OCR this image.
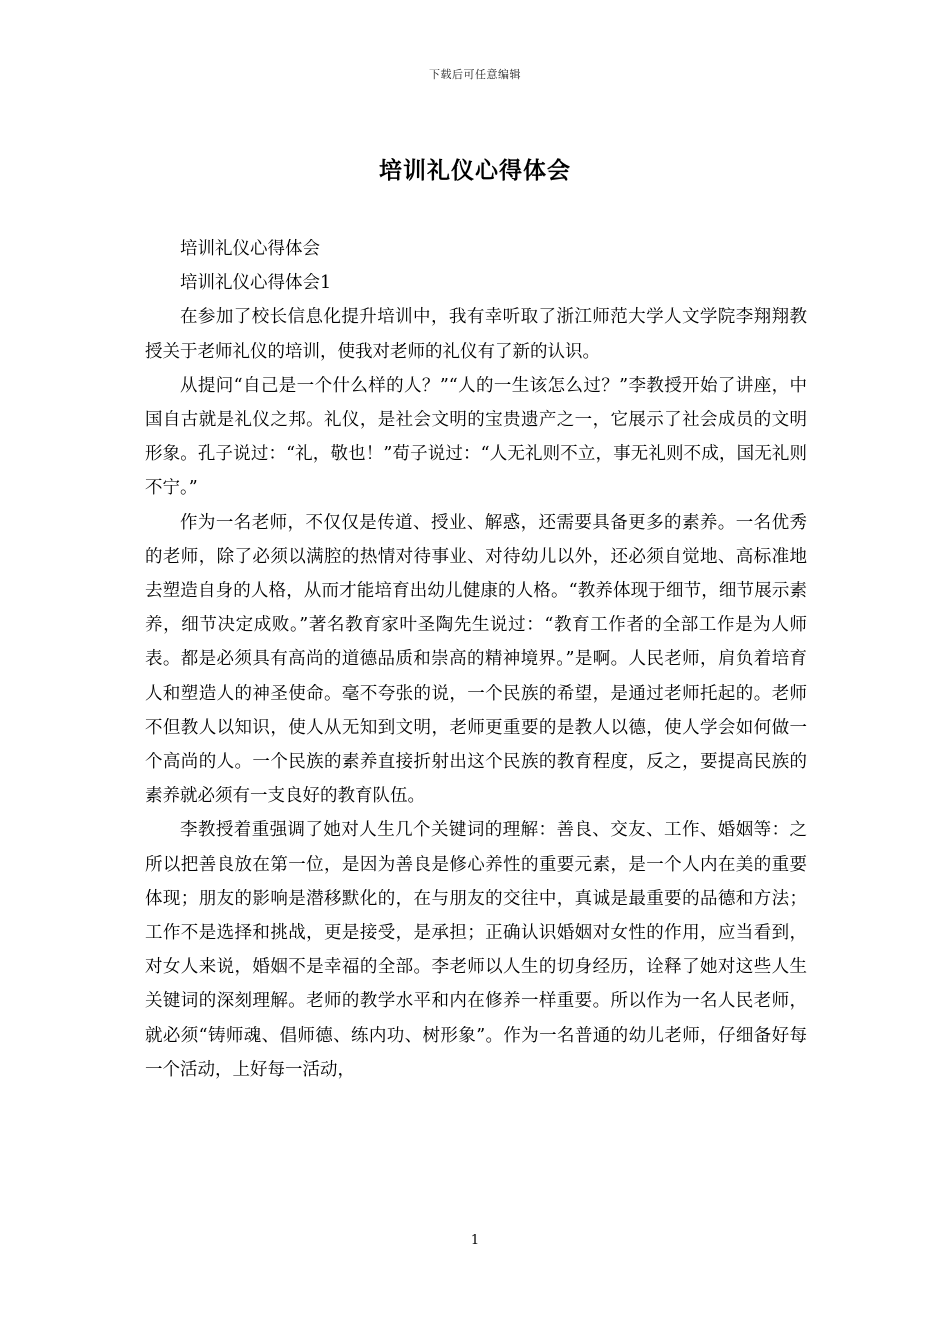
下载后可任意编辑
培训礼仪心得体会

培训礼仪心得体会

培训礼仪心得体会1

在参加了校长信息化提升培训中，我有幸听取了浙江师范大学人文学院李翔翔教授关于老师礼仪的培训，使我对老师的礼仪有了新的认识。

从提问“自己是一个什么样的人？”“人的一生该怎么过？”李教授开始了讲座，中国自古就是礼仪之邦。礼仪，是社会文明的宝贵遗产之一，它展示了社会成员的文明形象。孔子说过：“礼，敬也！”荀子说过：“人无礼则不立，事无礼则不成，国无礼则不宁。”

作为一名老师，不仅仅是传道、授业、解惑，还需要具备更多的素养。一名优秀的老师，除了必须以满腔的热情对待事业、对待幼儿以外，还必须自觉地、高标准地去塑造自身的人格，从而才能培育出幼儿健康的人格。“教养体现于细节，细节展示素养，细节决定成败。”著名教育家叶圣陶先生说过：“教育工作者的全部工作是为人师表。都是必须具有高尚的道德品质和崇高的精神境界。”是啊。人民老师，肩负着培育人和塑造人的神圣使命。毫不夸张的说，一个民族的希望，是通过老师托起的。老师不但教人以知识，使人从无知到文明，老师更重要的是教人以德，使人学会如何做一个高尚的人。一个民族的素养直接折射出这个民族的教育程度，反之，要提高民族的素养就必须有一支良好的教育队伍。

李教授着重强调了她对人生几个关键词的理解：善良、交友、工作、婚姻等：之所以把善良放在第一位，是因为善良是修心养性的重要元素，是一个人内在美的重要体现；朋友的影响是潜移默化的，在与朋友的交往中，真诚是最重要的品德和方法；工作不是选择和挑战，更是接受，是承担；正确认识婚姻对女性的作用，应当看到，对女人来说，婚姻不是幸福的全部。李老师以人生的切身经历，诠释了她对这些人生关键词的深刻理解。老师的教学水平和内在修养一样重要。所以作为一名人民老师，就必须“铸师魂、倡师德、练内功、树形象”。作为一名普通的幼儿老师，仔细备好每一个活动，上好每一活动，

1
